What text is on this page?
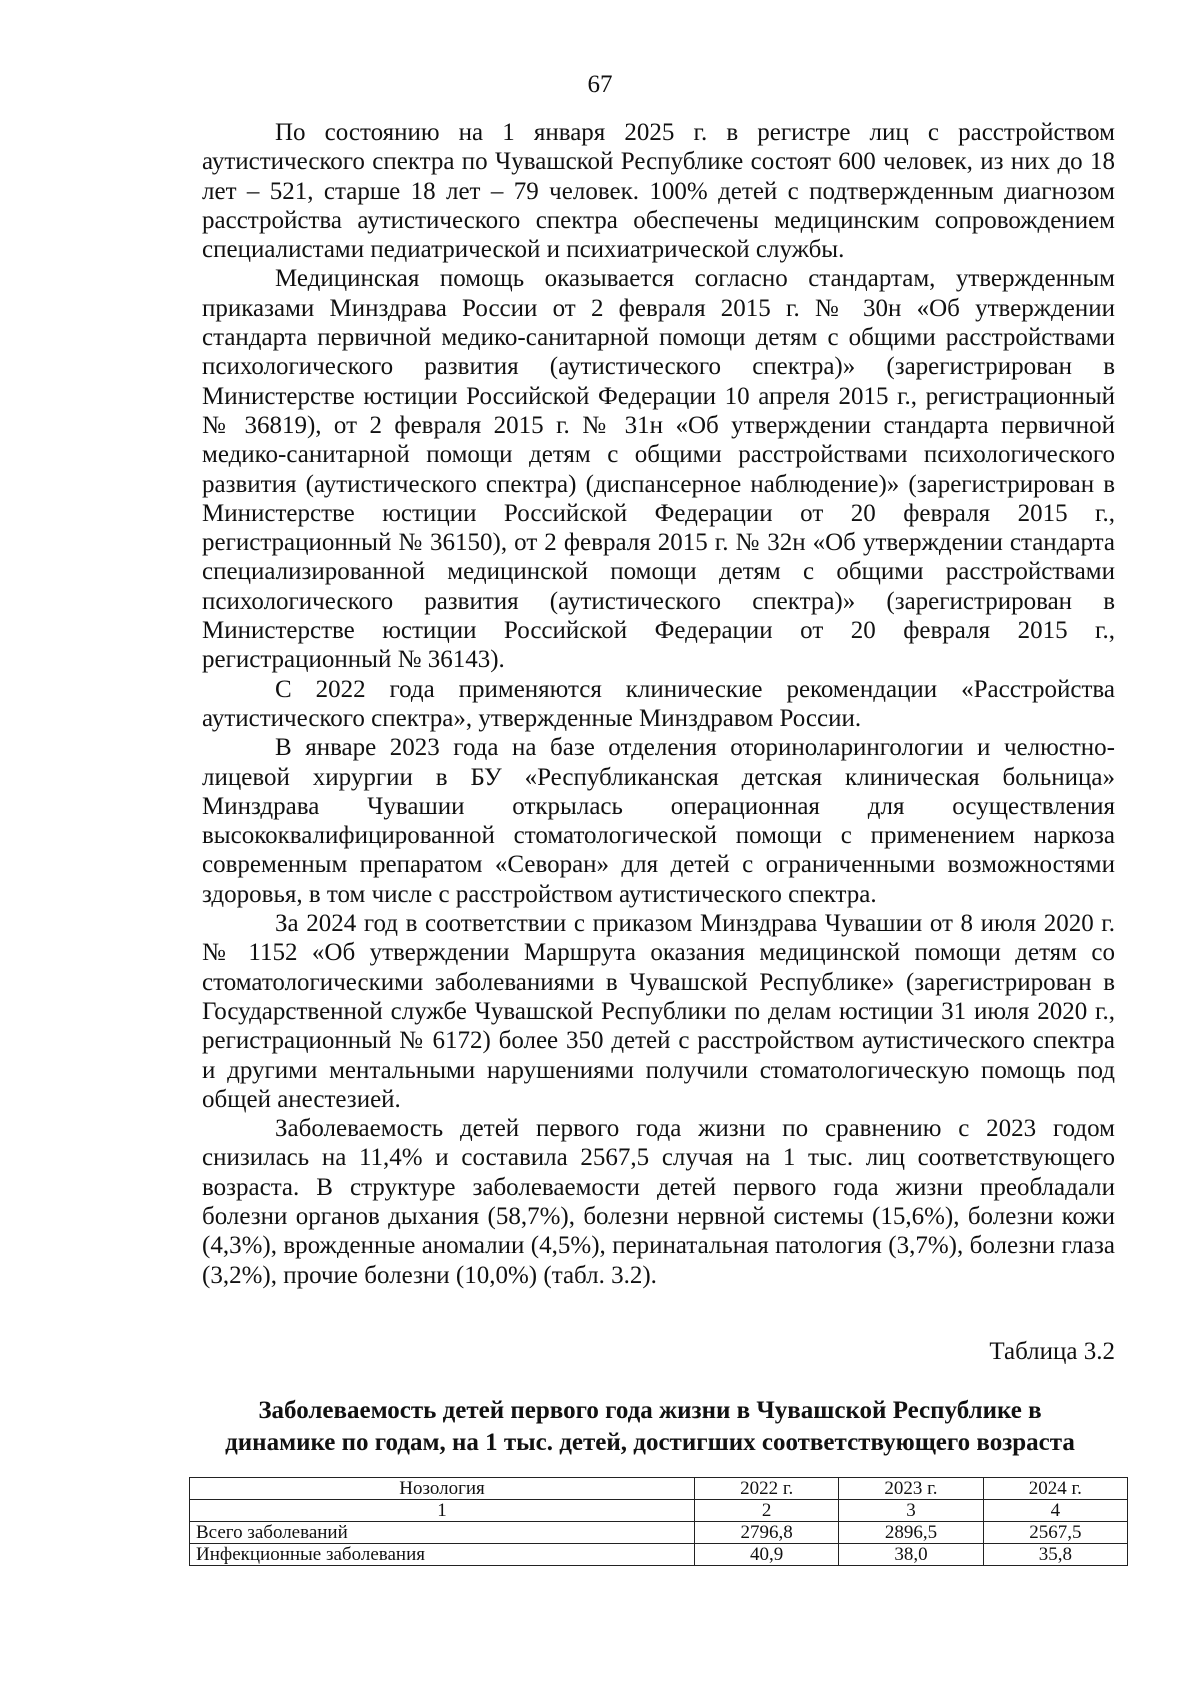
67

По состоянию на 1 января 2025 г. в регистре лиц с расстройством аутистического спектра по Чувашской Республике состоят 600 человек, из них до 18 лет – 521, старше 18 лет – 79 человек. 100% детей с подтвержденным диагнозом расстройства аутистического спектра обеспечены медицинским сопровождением специалистами педиатрической и психиатрической службы.

Медицинская помощь оказывается согласно стандартам, утвержденным приказами Минздрава России от 2 февраля 2015 г. № 30н «Об утверждении стандарта первичной медико-санитарной помощи детям с общими расстройствами психологического развития (аутистического спектра)» (зарегистрирован в Министерстве юстиции Российской Федерации 10 апреля 2015 г., регистрационный № 36819), от 2 февраля 2015 г. № 31н «Об утверждении стандарта первичной медико-санитарной помощи детям с общими расстройствами психологического развития (аутистического спектра) (диспансерное наблюдение)» (зарегистрирован в Министерстве юстиции Российской Федерации от 20 февраля 2015 г., регистрационный № 36150), от 2 февраля 2015 г. № 32н «Об утверждении стандарта специализированной медицинской помощи детям с общими расстройствами психологического развития (аутистического спектра)» (зарегистрирован в Министерстве юстиции Российской Федерации от 20 февраля 2015 г., регистрационный № 36143).

С 2022 года применяются клинические рекомендации «Расстройства аутистического спектра», утвержденные Минздравом России.

В январе 2023 года на базе отделения оториноларингологии и челюстно-лицевой хирургии в БУ «Республиканская детская клиническая больница» Минздрава Чувашии открылась операционная для осуществления высококвалифицированной стоматологической помощи с применением наркоза современным препаратом «Севоран» для детей с ограниченными возможностями здоровья, в том числе с расстройством аутистического спектра.

За 2024 год в соответствии с приказом Минздрава Чувашии от 8 июля 2020 г. № 1152 «Об утверждении Маршрута оказания медицинской помощи детям со стоматологическими заболеваниями в Чувашской Республике» (зарегистрирован в Государственной службе Чувашской Республики по делам юстиции 31 июля 2020 г., регистрационный № 6172) более 350 детей с расстройством аутистического спектра и другими ментальными нарушениями получили стоматологическую помощь под общей анестезией.

Заболеваемость детей первого года жизни по сравнению с 2023 годом снизилась на 11,4% и составила 2567,5 случая на 1 тыс. лиц соответствующего возраста. В структуре заболеваемости детей первого года жизни преобладали болезни органов дыхания (58,7%), болезни нервной системы (15,6%), болезни кожи (4,3%), врожденные аномалии (4,5%), перинатальная патология (3,7%), болезни глаза (3,2%), прочие болезни (10,0%) (табл. 3.2).

Таблица 3.2
Заболеваемость детей первого года жизни в Чувашской Республике в
динамике по годам, на 1 тыс. детей, достигших соответствующего возраста
Нозология	2022 г.	2023 г.	2024 г.
1	2	3	4
Всего заболеваний	2796,8	2896,5	2567,5
Инфекционные заболевания	40,9	38,0	35,8
